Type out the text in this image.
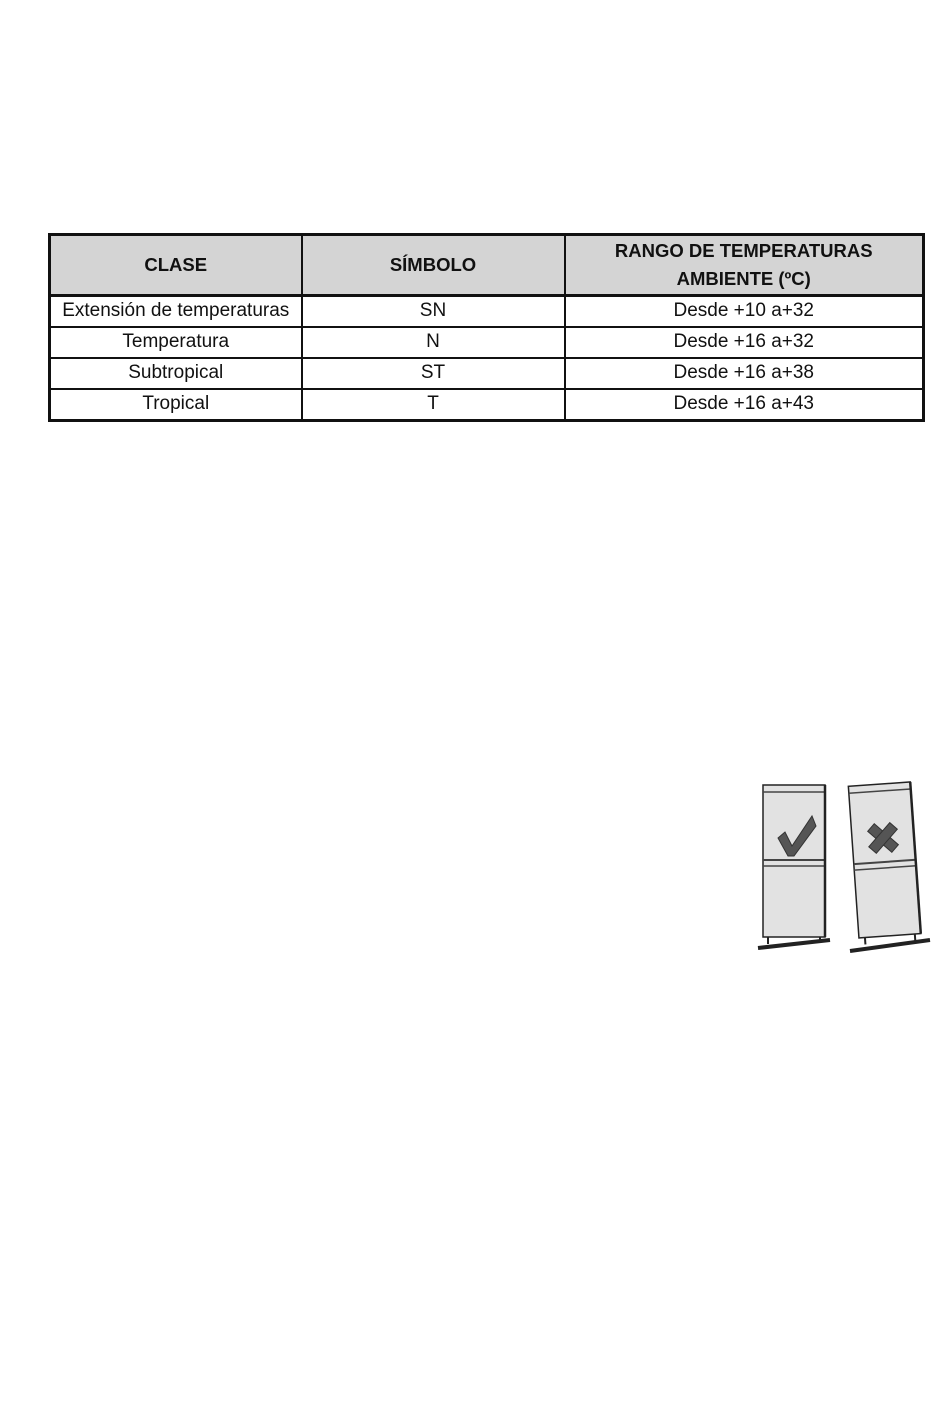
CLASE	SÍMBOLO	RANGO DE TEMPERATURAS
AMBIENTE (ºC)
Extensión de temperaturas	SN	Desde +10 a+32
Temperatura	N	Desde +16 a+32
Subtropical	ST	Desde +16 a+38
Tropical	T	Desde +16 a+43
